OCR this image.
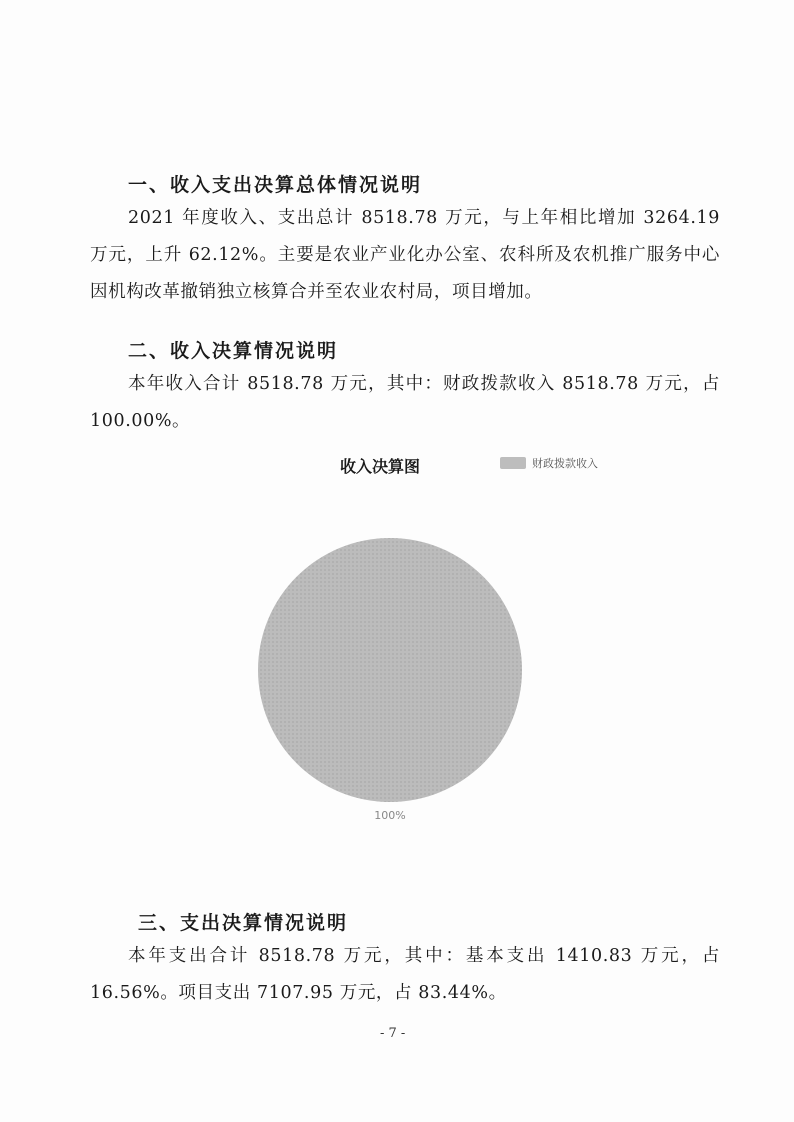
一、收入支出决算总体情况说明
2021 年度收入、支出总计 8518.78 万元，与上年相比增加 3264.19 万元，上升 62.12%。主要是农业产业化办公室、农科所及农机推广服务中心因机构改革撤销独立核算合并至农业农村局，项目增加。
二、收入决算情况说明
本年收入合计 8518.78 万元，其中：财政拨款收入 8518.78 万元，占 100.00%。
收入决算图	财政拨款收入
100%
三、支出决算情况说明
本年支出合计 8518.78 万元，其中：基本支出 1410.83 万元，占 16.56%。项目支出 7107.95 万元，占 83.44%。
- 7 -
